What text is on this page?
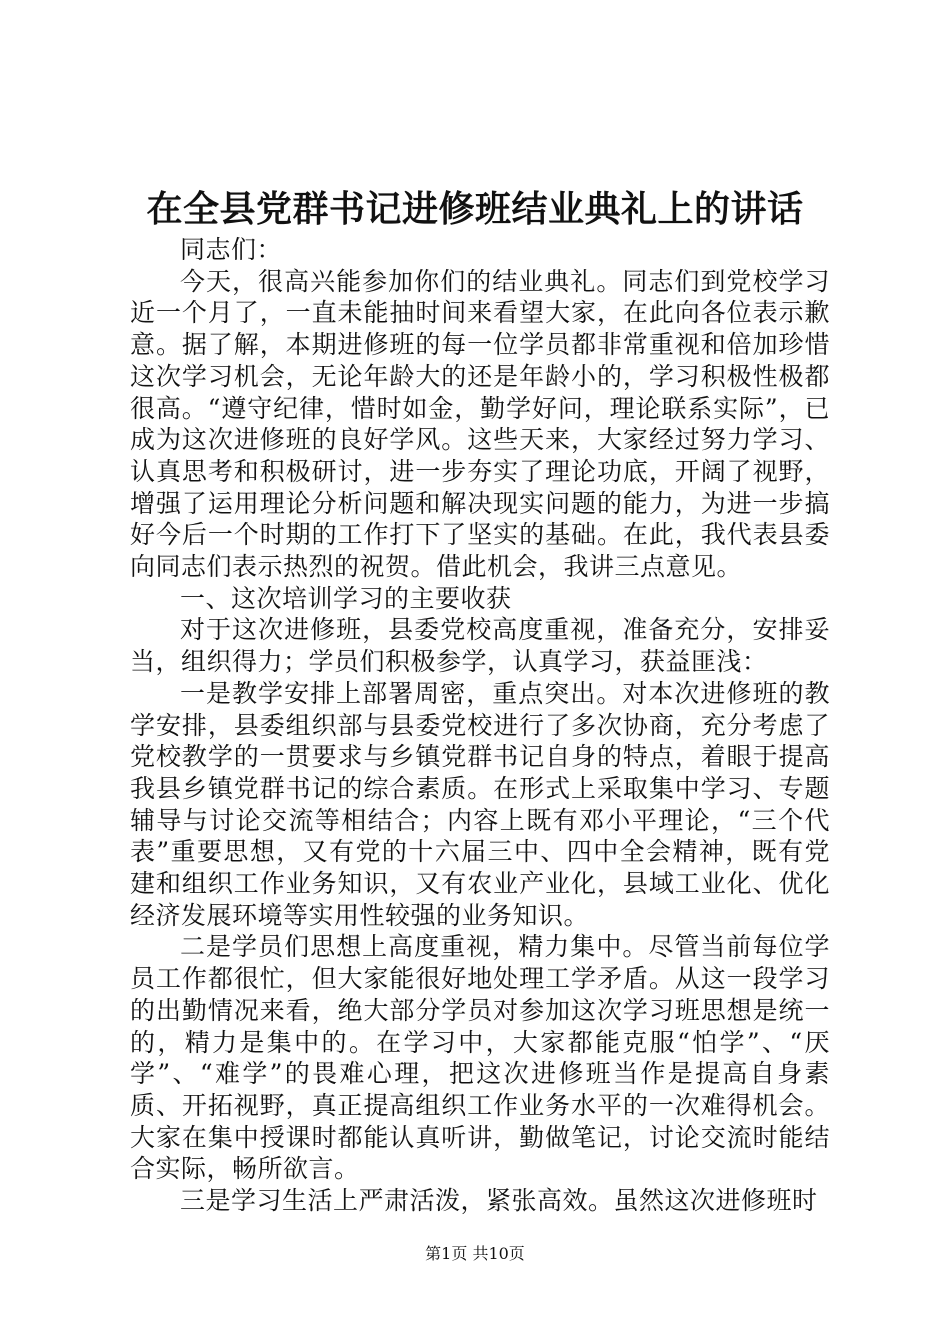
在全县党群书记进修班结业典礼上的讲话

同志们：

今天，很高兴能参加你们的结业典礼。同志们到党校学习近一个月了，一直未能抽时间来看望大家，在此向各位表示歉意。据了解，本期进修班的每一位学员都非常重视和倍加珍惜这次学习机会，无论年龄大的还是年龄小的，学习积极性极都很高。“遵守纪律，惜时如金，勤学好问，理论联系实际”，已成为这次进修班的良好学风。这些天来，大家经过努力学习、认真思考和积极研讨，进一步夯实了理论功底，开阔了视野，增强了运用理论分析问题和解决现实问题的能力，为进一步搞好今后一个时期的工作打下了坚实的基础。在此，我代表县委向同志们表示热烈的祝贺。借此机会，我讲三点意见。

一、这次培训学习的主要收获

对于这次进修班，县委党校高度重视，准备充分，安排妥当，组织得力；学员们积极参学，认真学习，获益匪浅：

一是教学安排上部署周密，重点突出。对本次进修班的教学安排，县委组织部与县委党校进行了多次协商，充分考虑了党校教学的一贯要求与乡镇党群书记自身的特点，着眼于提高我县乡镇党群书记的综合素质。在形式上采取集中学习、专题辅导与讨论交流等相结合；内容上既有邓小平理论，“三个代表”重要思想，又有党的十六届三中、四中全会精神，既有党建和组织工作业务知识，又有农业产业化，县域工业化、优化经济发展环境等实用性较强的业务知识。

二是学员们思想上高度重视，精力集中。尽管当前每位学员工作都很忙，但大家能很好地处理工学矛盾。从这一段学习的出勤情况来看，绝大部分学员对参加这次学习班思想是统一的，精力是集中的。在学习中，大家都能克服“怕学”、“厌学”、“难学”的畏难心理，把这次进修班当作是提高自身素质、开拓视野，真正提高组织工作业务水平的一次难得机会。大家在集中授课时都能认真听讲，勤做笔记，讨论交流时能结合实际，畅所欲言。

三是学习生活上严肃活泼，紧张高效。虽然这次进修班时

第1页 共10页
